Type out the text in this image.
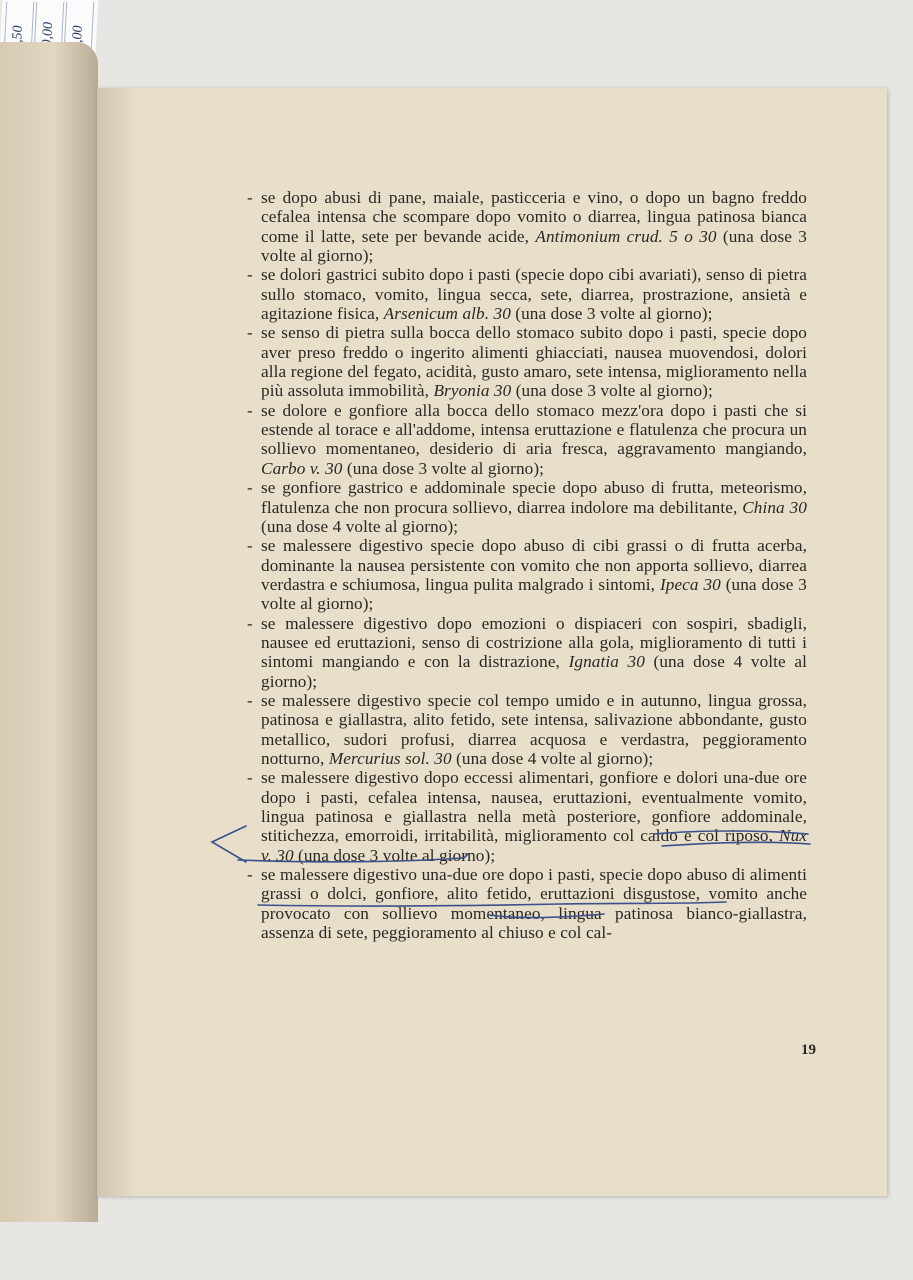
- se dopo abusi di pane, maiale, pasticceria e vino, o dopo un bagno freddo cefalea intensa che scompare dopo vomito o diarrea, lingua patinosa bianca come il latte, sete per bevande acide, Antimonium crud. 5 o 30 (una dose 3 volte al giorno);
- se dolori gastrici subito dopo i pasti (specie dopo cibi avariati), senso di pietra sullo stomaco, vomito, lingua secca, sete, diarrea, prostrazione, ansietà e agitazione fisica, Arsenicum alb. 30 (una dose 3 volte al giorno);
- se senso di pietra sulla bocca dello stomaco subito dopo i pasti, specie dopo aver preso freddo o ingerito alimenti ghiacciati, nausea muovendosi, dolori alla regione del fegato, acidità, gusto amaro, sete intensa, miglioramento nella più assoluta immobilità, Bryonia 30 (una dose 3 volte al giorno);
- se dolore e gonfiore alla bocca dello stomaco mezz'ora dopo i pasti che si estende al torace e all'addome, intensa eruttazione e flatulenza che procura un sollievo momentaneo, desiderio di aria fresca, aggravamento mangiando, Carbo v. 30 (una dose 3 volte al giorno);
- se gonfiore gastrico e addominale specie dopo abuso di frutta, meteorismo, flatulenza che non procura sollievo, diarrea indolore ma debilitante, China 30 (una dose 4 volte al giorno);
- se malessere digestivo specie dopo abuso di cibi grassi o di frutta acerba, dominante la nausea persistente con vomito che non apporta sollievo, diarrea verdastra e schiumosa, lingua pulita malgrado i sintomi, Ipeca 30 (una dose 3 volte al giorno);
- se malessere digestivo dopo emozioni o dispiaceri con sospiri, sbadigli, nausee ed eruttazioni, senso di costrizione alla gola, miglioramento di tutti i sintomi mangiando e con la distrazione, Ignatia 30 (una dose 4 volte al giorno);
- se malessere digestivo specie col tempo umido e in autunno, lingua grossa, patinosa e giallastra, alito fetido, sete intensa, salivazione abbondante, gusto metallico, sudori profusi, diarrea acquosa e verdastra, peggioramento notturno, Mercurius sol. 30 (una dose 4 volte al giorno);
- se malessere digestivo dopo eccessi alimentari, gonfiore e dolori una-due ore dopo i pasti, cefalea intensa, nausea, eruttazioni, eventualmente vomito, lingua patinosa e giallastra nella metà posteriore, gonfiore addominale, stitichezza, emorroidi, irritabilità, miglioramento col caldo e col riposo, Nux v. 30 (una dose 3 volte al giorno);
- se malessere digestivo una-due ore dopo i pasti, specie dopo abuso di alimenti grassi o dolci, gonfiore, alito fetido, eruttazioni disgustose, vomito anche provocato con sollievo momentaneo, lingua patinosa bianco-giallastra, assenza di sete, peggioramento al chiuso e col cal-
19
